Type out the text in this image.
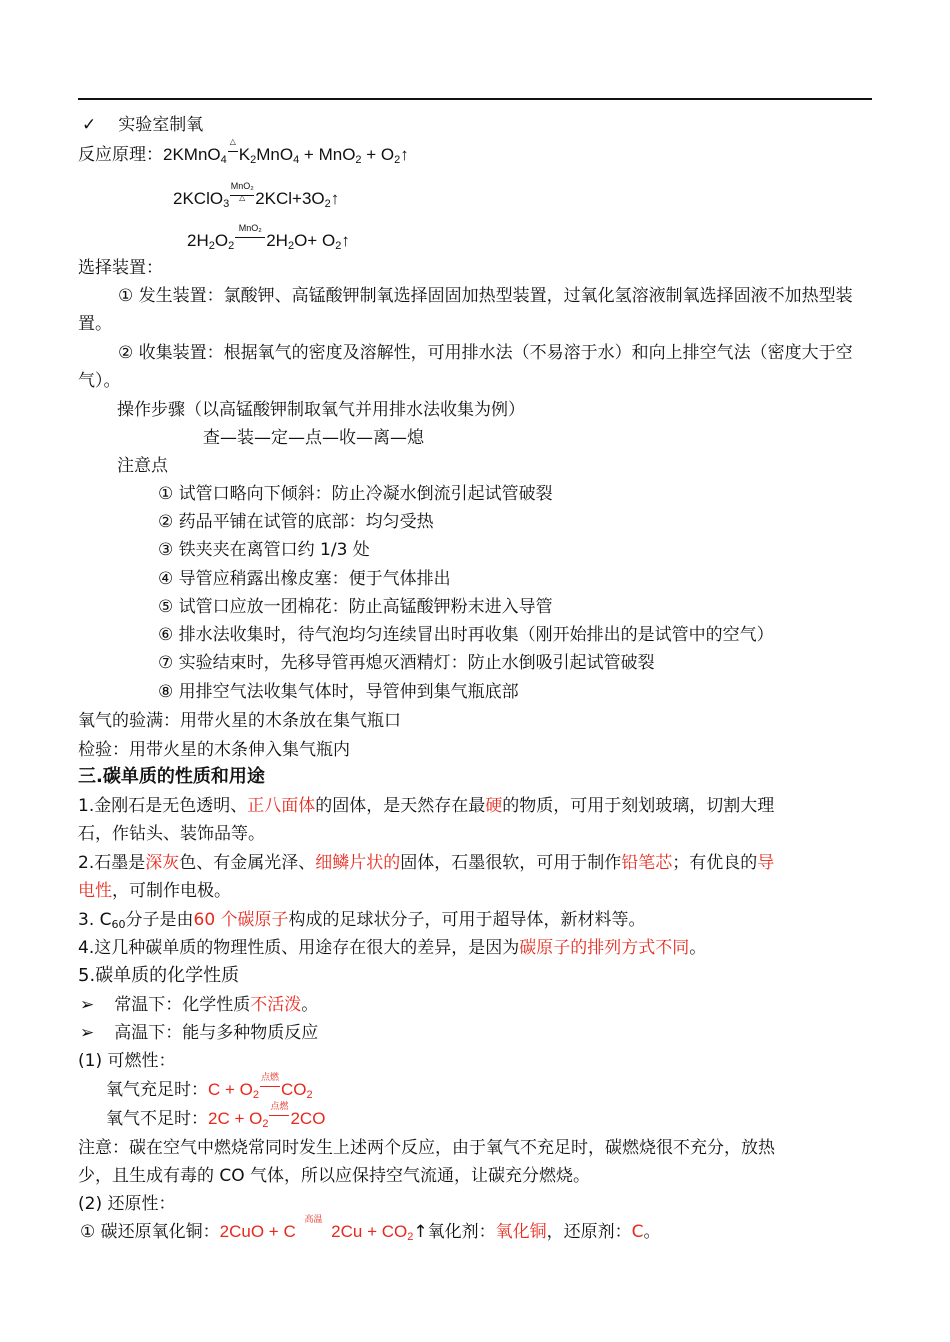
✓ 实验室制氧
反应原理：2KMnO$_4$
△
$K_2MnO_4 + MnO_2$ + $O_2↑$
2KClO$_3$
MnO₂
△ $2KCl+3O_2↑$
$2H_2O_2$
MnO₂
$2H_2O+$ $O_2↑$
选择装置：
① 发生装置：氯酸钾、高锰酸钾制氧选择固固加热型装置，过氧化氢溶液制氧选择固液不加热型装置。
② 收集装置：根据氧气的密度及溶解性，可用排水法（不易溶于水）和向上排空气法（密度大于空气）。
操作步骤（以高锰酸钾制取氧气并用排水法收集为例）
查—装—定—点—收—离—熄
注意点
① 试管口略向下倾斜：防止冷凝水倒流引起试管破裂
② 药品平铺在试管的底部：均匀受热
③ 铁夹夹在离管口约 1/3 处
④ 导管应稍露出橡皮塞：便于气体排出
⑤ 试管口应放一团棉花：防止高锰酸钾粉末进入导管
⑥ 排水法收集时，待气泡均匀连续冒出时再收集（刚开始排出的是试管中的空气）
⑦ 实验结束时，先移导管再熄灭酒精灯：防止水倒吸引起试管破裂
⑧ 用排空气法收集气体时，导管伸到集气瓶底部
氧气的验满：用带火星的木条放在集气瓶口
检验：用带火星的木条伸入集气瓶内
三.碳单质的性质和用途
1.金刚石是无色透明、正八面体的固体，是天然存在最硬的物质，可用于刻划玻璃，切割大理
石，作钻头、装饰品等。
2.石墨是深灰色、有金属光泽、细鳞片状的固体，石墨很软，可用于制作铅笔芯；有优良的导
电性，可制作电极。
3. $C_{60}$分子是由60 个碳原子构成的足球状分子，可用于超导体，新材料等。
4.这几种碳单质的物理性质、用途存在很大的差异，是因为碳原子的排列方式不同。
5.碳单质的化学性质
➢ 常温下：化学性质不活泼。
➢ 高温下：能与多种物质反应
(1) 可燃性：
氧气充足时：$C + O_2$
点燃
$CO_2$
氧气不足时：$2C + O_2$
点燃
2CO
注意：碳在空气中燃烧常同时发生上述两个反应，由于氧气不充足时，碳燃烧很不充分，放热
少，且生成有毒的 CO 气体，所以应保持空气流通，让碳充分燃烧。
(2) 还原性：
① 碳还原氧化铜：2CuO + C
高温
$2Cu + CO_2↑$氧化剂：氧化铜，还原剂：C。
